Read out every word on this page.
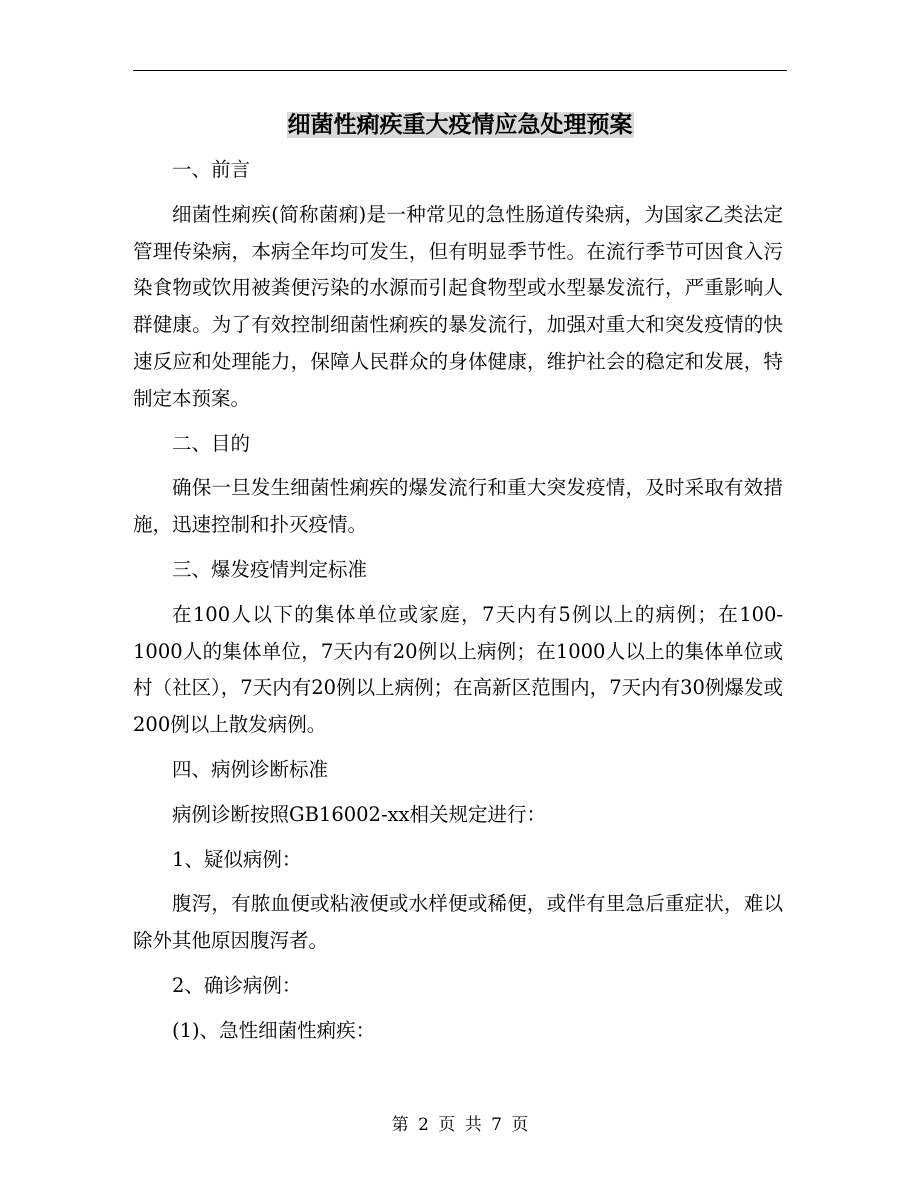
细菌性痢疾重大疫情应急处理预案

一、前言

细菌性痢疾(简称菌痢)是一种常见的急性肠道传染病，为国家乙类法定管理传染病，本病全年均可发生，但有明显季节性。在流行季节可因食入污染食物或饮用被粪便污染的水源而引起食物型或水型暴发流行，严重影响人群健康。为了有效控制细菌性痢疾的暴发流行，加强对重大和突发疫情的快速反应和处理能力，保障人民群众的身体健康，维护社会的稳定和发展，特制定本预案。

二、目的

确保一旦发生细菌性痢疾的爆发流行和重大突发疫情，及时采取有效措施，迅速控制和扑灭疫情。

三、爆发疫情判定标准

在100人以下的集体单位或家庭，7天内有5例以上的病例；在100-1000人的集体单位，7天内有20例以上病例；在1000人以上的集体单位或村（社区），7天内有20例以上病例；在高新区范围内，7天内有30例爆发或200例以上散发病例。

四、病例诊断标准

病例诊断按照GB16002-xx相关规定进行：

1、疑似病例：

腹泻，有脓血便或粘液便或水样便或稀便，或伴有里急后重症状，难以除外其他原因腹泻者。

2、确诊病例：

(1)、急性细菌性痢疾：

第 2 页 共 7 页
